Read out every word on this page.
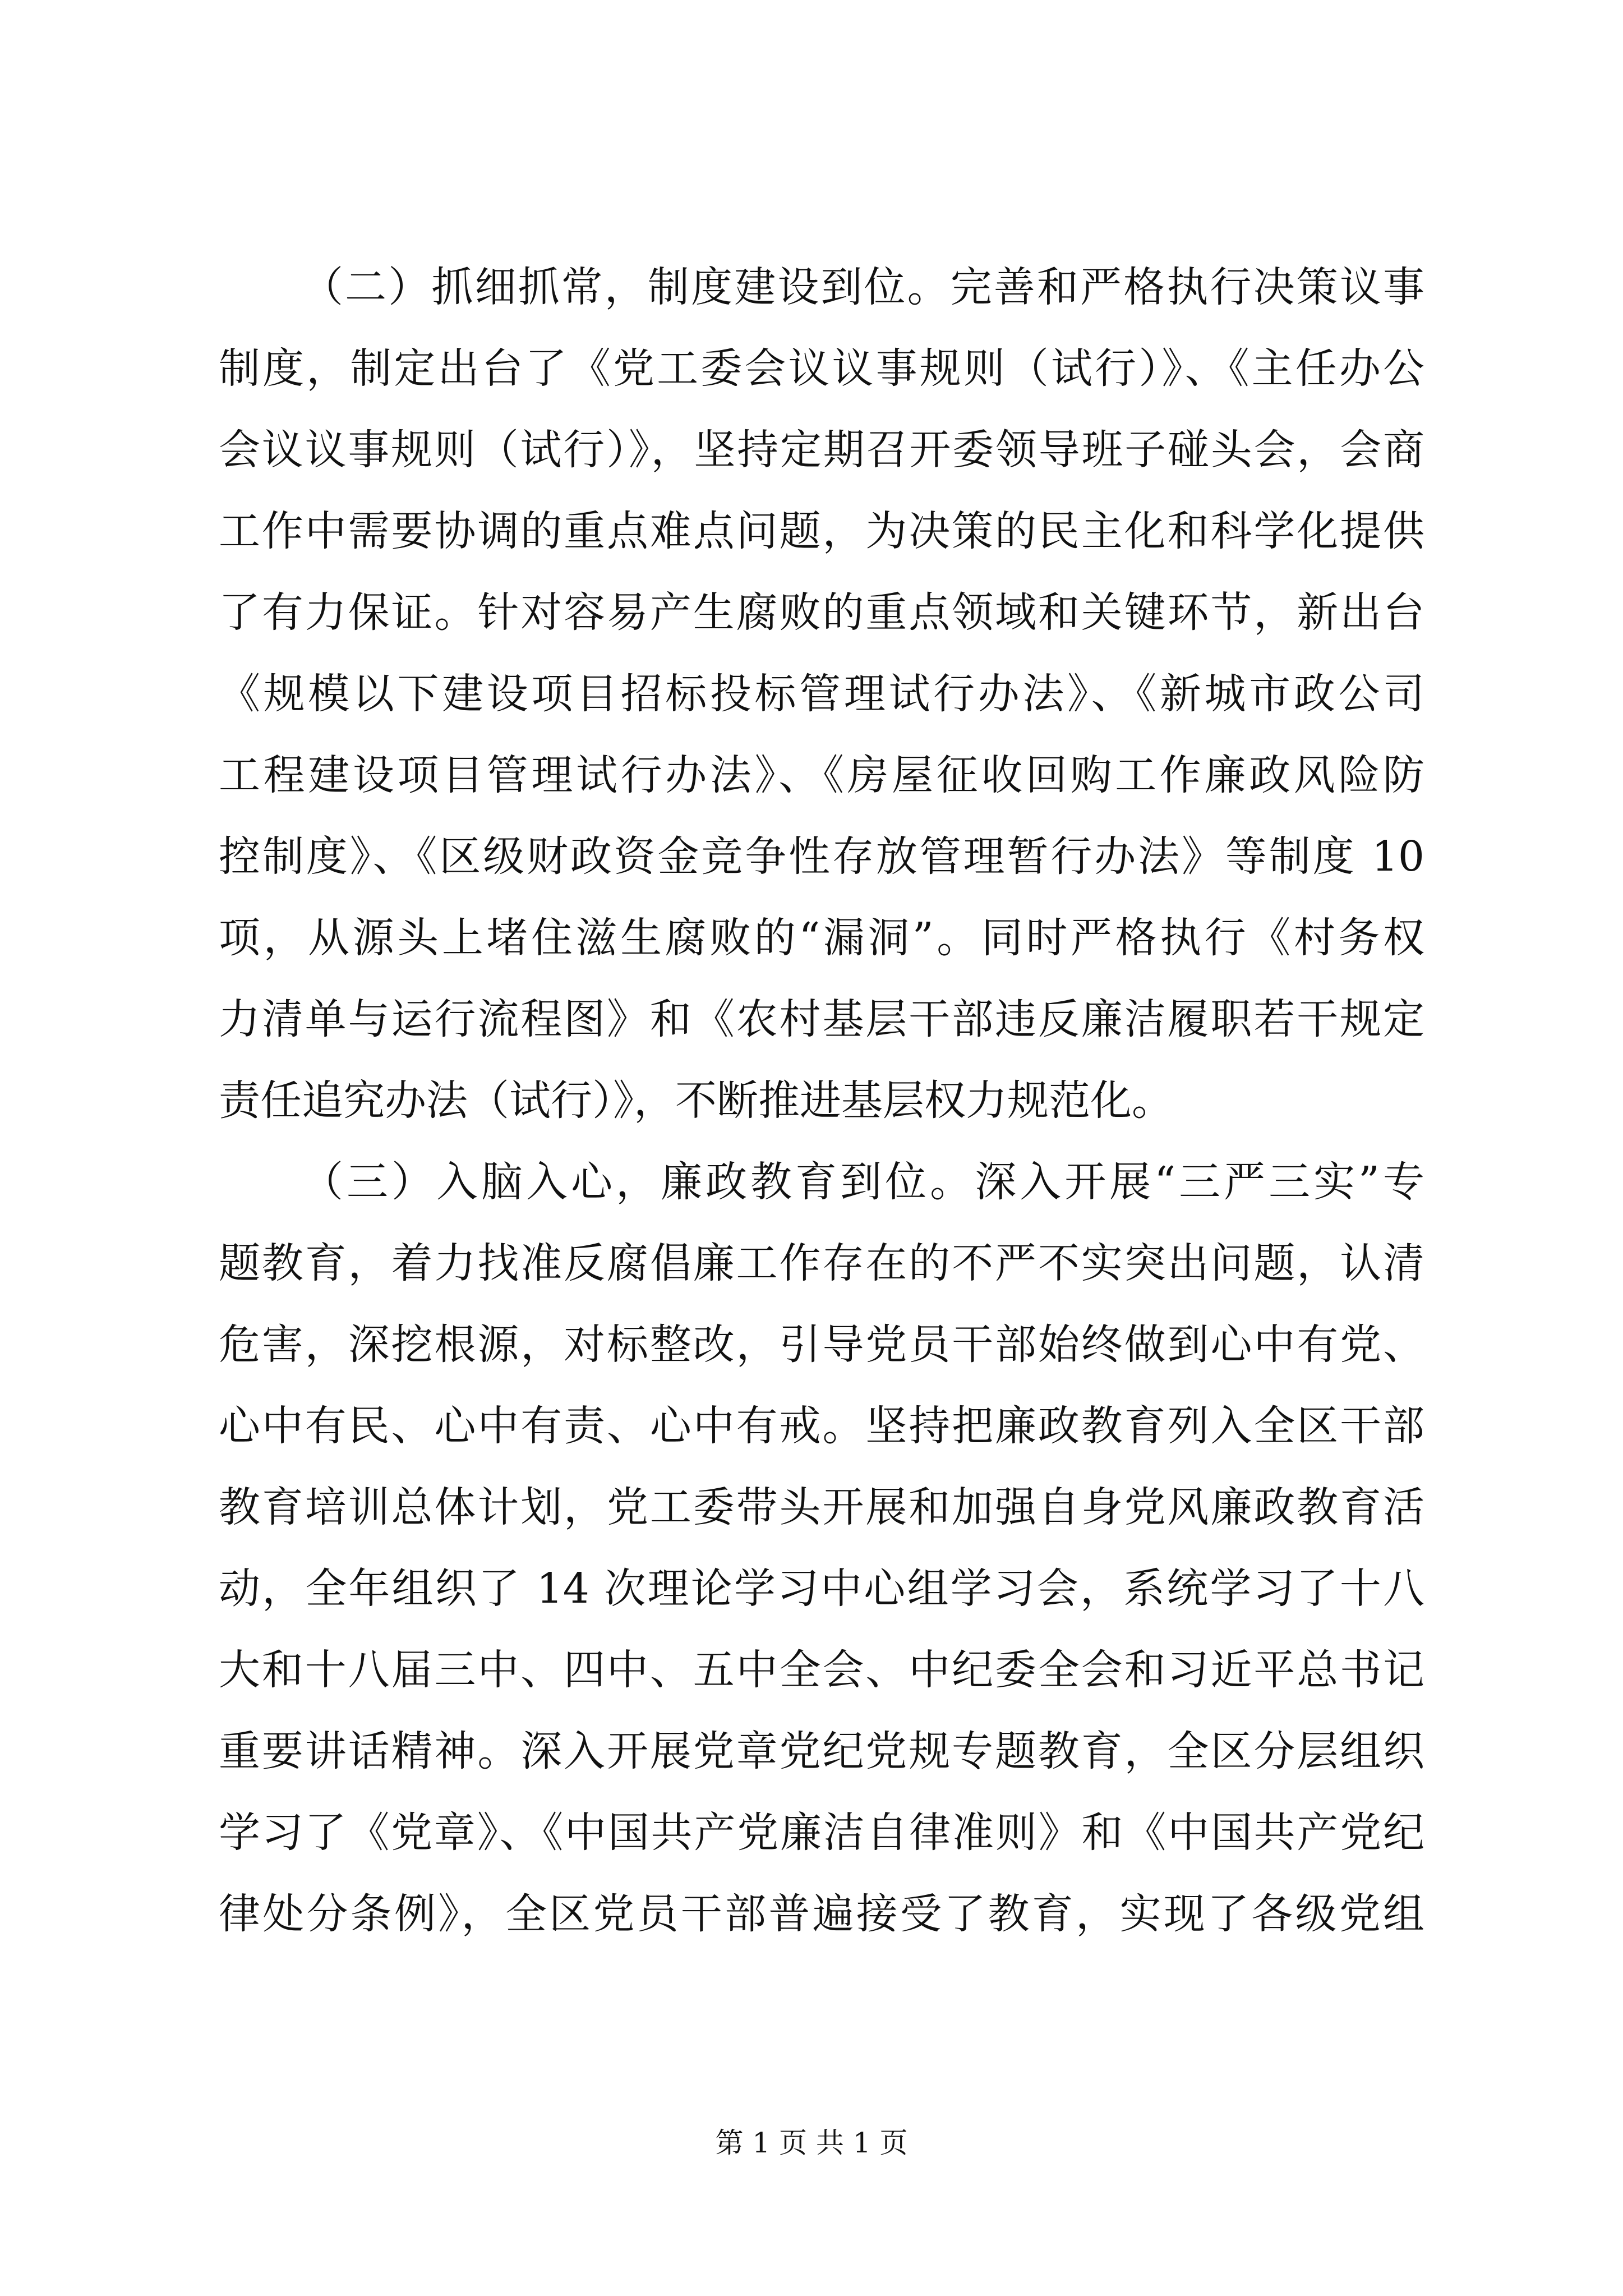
（二）抓细抓常，制度建设到位。完善和严格执行决策议事
制度，制定出台了《党工委会议议事规则（试行）》、《主任办公
会议议事规则（试行）》，坚持定期召开委领导班子碰头会，会商
工作中需要协调的重点难点问题，为决策的民主化和科学化提供
了有力保证。针对容易产生腐败的重点领域和关键环节，新出台
《规模以下建设项目招标投标管理试行办法》、《新城市政公司
工程建设项目管理试行办法》、《房屋征收回购工作廉政风险防
控制度》、《区级财政资金竞争性存放管理暂行办法》等制度 10
项，从源头上堵住滋生腐败的“漏洞”。同时严格执行《村务权
力清单与运行流程图》和《农村基层干部违反廉洁履职若干规定
责任追究办法（试行）》，不断推进基层权力规范化。
（三）入脑入心，廉政教育到位。深入开展“三严三实”专
题教育，着力找准反腐倡廉工作存在的不严不实突出问题，认清
危害，深挖根源，对标整改，引导党员干部始终做到心中有党、
心中有民、心中有责、心中有戒。坚持把廉政教育列入全区干部
教育培训总体计划，党工委带头开展和加强自身党风廉政教育活
动，全年组织了 14 次理论学习中心组学习会，系统学习了十八
大和十八届三中、四中、五中全会、中纪委全会和习近平总书记
重要讲话精神。深入开展党章党纪党规专题教育，全区分层组织
学习了《党章》、《中国共产党廉洁自律准则》和《中国共产党纪
律处分条例》，全区党员干部普遍接受了教育，实现了各级党组
第 1 页 共 1 页
